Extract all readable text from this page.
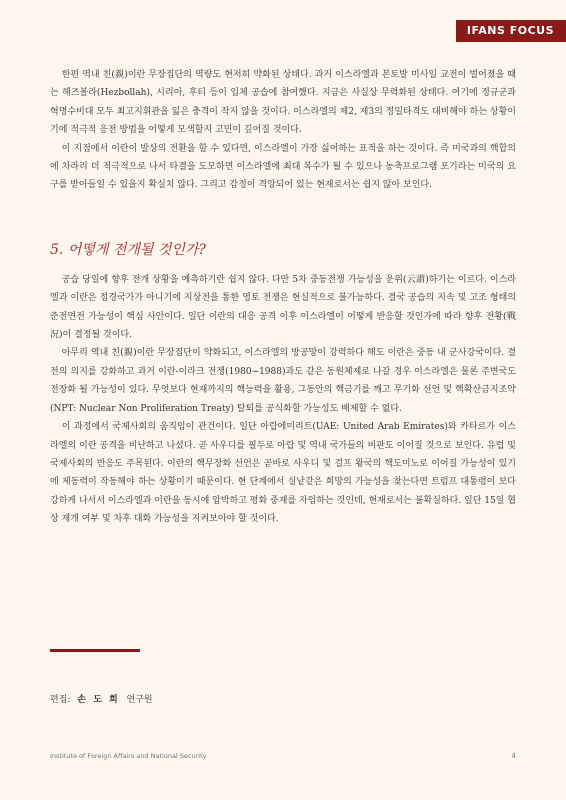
IFANS FOCUS

한편 역내 친(親)이란 무장집단의 역량도 현저히 약화된 상태다. 과거 이스라엘과 본토발 미사일 교전이 벌어졌을 때는 헤즈볼라(Hezbollah), 시리아, 후티 등이 입체 공습에 참여했다. 지금은 사실상 무력화된 상태다. 여기에 정규군과 혁명수비대 모두 최고지휘관을 잃은 충격이 작지 않을 것이다. 이스라엘의 제2, 제3의 정밀타격도 대비해야 하는 상황이기에 적극적 응전 방법을 어떻게 모색할지 고민이 깊어질 것이다.

이 지점에서 이란이 발상의 전환을 할 수 있다면, 이스라엘이 가장 싫어하는 표적을 하는 것이다. 즉 미국과의 핵합의에 차라리 더 적극적으로 나서 타결을 도모하면 이스라엘에 최대 복수가 될 수 있으나 농축프로그램 포기라는 미국의 요구를 받아들일 수 있을지 확실치 않다. 그리고 감정이 격앙되어 있는 현재로서는 쉽지 않아 보인다.

5. 어떻게 전개될 것인가?

공습 당일에 향후 전개 상황을 예측하기란 쉽지 않다. 다만 5차 중동전쟁 가능성을 운위(云謂)하기는 이르다. 이스라엘과 이란은 접경국가가 아니기에 지상전을 통한 영토 전쟁은 현실적으로 불가능하다. 결국 공습의 지속 및 고조 형태의 준전면전 가능성이 핵심 사안이다. 일단 이란의 대응 공격 이후 이스라엘이 어떻게 반응할 것인가에 따라 향후 전황(戰況)이 결정될 것이다.

아무리 역내 친(親)이란 무장집단이 약화되고, 이스라엘의 방공망이 강력하다 해도 이란은 중동 내 군사강국이다. 결전의 의지를 강화하고 과거 이란-이라크 전쟁(1980~1988)과도 같은 동원체제로 나갈 경우 이스라엘은 물론 주변국도 전장화 될 가능성이 있다. 무엇보다 현재까지의 핵능력을 활용, 그동안의 핵금기를 깨고 무기화 선언 및 핵확산금지조약(NPT: Nuclear Non Proliferation Treaty) 탈퇴를 공식화할 가능성도 배제할 수 없다.

이 과정에서 국제사회의 움직임이 관건이다. 일단 아랍에미리트(UAE: United Arab Emirates)와 카타르가 이스라엘의 이란 공격을 비난하고 나섰다. 곧 사우디를 필두로 아랍 및 역내 국가들의 비판도 이어질 것으로 보인다. 유럽 및 국제사회의 반응도 주목된다. 이란의 핵무장화 선언은 곧바로 사우디 및 걸프 왕국의 핵도미노로 이어질 가능성이 있기에 제동력이 작동해야 하는 상황이기 때문이다. 현 단계에서 실낱같은 희망의 가능성을 찾는다면 트럼프 대통령이 보다 강하게 나서서 이스라엘과 이란을 동시에 압박하고 평화 중재를 자임하는 것인데, 현재로서는 불확실하다. 일단 15일 협상 재개 여부 및 차후 대화 가능성을 지켜보아야 할 것이다.

편집: 손 도 희 연구원
Institute of Foreign Affairs and National Security	4
